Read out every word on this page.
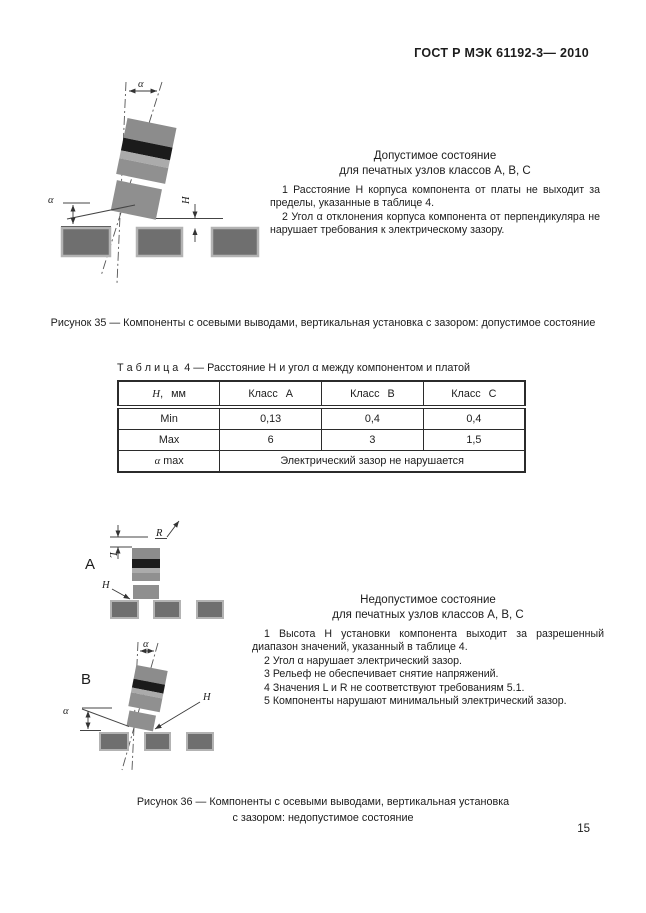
ГОСТ Р МЭК 61192-3— 2010
α
α	H
Допустимое состояние
для печатных узлов классов А, В, С

1 Расстояние H корпуса компонента от платы не выходит за пределы, указанные в таблице 4.

2 Угол α отклонения корпуса компонента от перпендикуляра не нарушает требования к электрическому зазору.

Рисунок 35 — Компоненты с осевыми выводами, вертикальная установка с зазором: допустимое состояние

Т а б л и ц а  4 — Расстояние H и угол α между компонентом и платой

H, мм	Класс А	Класс В	Класс С
Min	0,13	0,4	0,4
Max	6	3	1,5
α max	Электрический зазор не нарушается		
A
R
L
H
Недопустимое состояние
для печатных узлов классов А, В, С

1 Высота H установки компонента выходит за разрешенный диапазон значений, указанный в таблице 4.

2 Угол α нарушает электрический зазор.

3 Рельеф не обеспечивает снятие напряжений.

4 Значения L и R не соответствуют требованиям 5.1.

5 Компоненты нарушают минимальный электрический зазор.

B
α
α
H
Рисунок 36 — Компоненты с осевыми выводами, вертикальная установка
с зазором: недопустимое состояние
15
